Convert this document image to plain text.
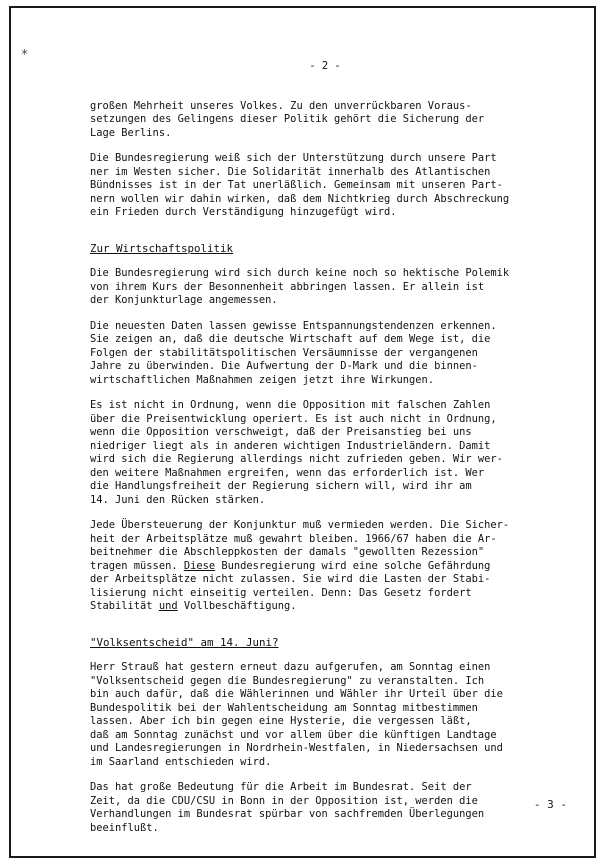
*
- 2 -
großen Mehrheit unseres Volkes. Zu den unverrückbaren Voraus-
setzungen des Gelingens dieser Politik gehört die Sicherung der
Lage Berlins.
Die Bundesregierung weiß sich der Unterstützung durch unsere Part
ner im Westen sicher. Die Solidarität innerhalb des Atlantischen
Bündnisses ist in der Tat unerläßlich. Gemeinsam mit unseren Part-
nern wollen wir dahin wirken, daß dem Nichtkrieg durch Abschreckung
ein Frieden durch Verständigung hinzugefügt wird.
Zur Wirtschaftspolitik
Die Bundesregierung wird sich durch keine noch so hektische Polemik
von ihrem Kurs der Besonnenheit abbringen lassen. Er allein ist
der Konjunkturlage angemessen.
Die neuesten Daten lassen gewisse Entspannungstendenzen erkennen.
Sie zeigen an, daß die deutsche Wirtschaft auf dem Wege ist, die
Folgen der stabilitätspolitischen Versäumnisse der vergangenen
Jahre zu überwinden. Die Aufwertung der D-Mark und die binnen-
wirtschaftlichen Maßnahmen zeigen jetzt ihre Wirkungen.
Es ist nicht in Ordnung, wenn die Opposition mit falschen Zahlen
über die Preisentwicklung operiert. Es ist auch nicht in Ordnung,
wenn die Opposition verschweigt, daß der Preisanstieg bei uns
niedriger liegt als in anderen wichtigen Industrieländern. Damit
wird sich die Regierung allerdings nicht zufrieden geben. Wir wer-
den weitere Maßnahmen ergreifen, wenn das erforderlich ist. Wer
die Handlungsfreiheit der Regierung sichern will, wird ihr am
14. Juni den Rücken stärken.
Jede Übersteuerung der Konjunktur muß vermieden werden. Die Sicher-
heit der Arbeitsplätze muß gewahrt bleiben. 1966/67 haben die Ar-
beitnehmer die Abschleppkosten der damals "gewollten Rezession"
tragen müssen. Diese Bundesregierung wird eine solche Gefährdung
der Arbeitsplätze nicht zulassen. Sie wird die Lasten der Stabi-
lisierung nicht einseitig verteilen. Denn: Das Gesetz fordert
Stabilität und Vollbeschäftigung.
"Volksentscheid" am 14. Juni?
Herr Strauß hat gestern erneut dazu aufgerufen, am Sonntag einen
"Volksentscheid gegen die Bundesregierung" zu veranstalten. Ich
bin auch dafür, daß die Wählerinnen und Wähler ihr Urteil über die
Bundespolitik bei der Wahlentscheidung am Sonntag mitbestimmen
lassen. Aber ich bin gegen eine Hysterie, die vergessen läßt,
daß am Sonntag zunächst und vor allem über die künftigen Landtage
und Landesregierungen in Nordrhein-Westfalen, in Niedersachsen und
im Saarland entschieden wird.
Das hat große Bedeutung für die Arbeit im Bundesrat. Seit der
Zeit, da die CDU/CSU in Bonn in der Opposition ist, werden die
Verhandlungen im Bundesrat spürbar von sachfremden Überlegungen
beeinflußt.
- 3 -
